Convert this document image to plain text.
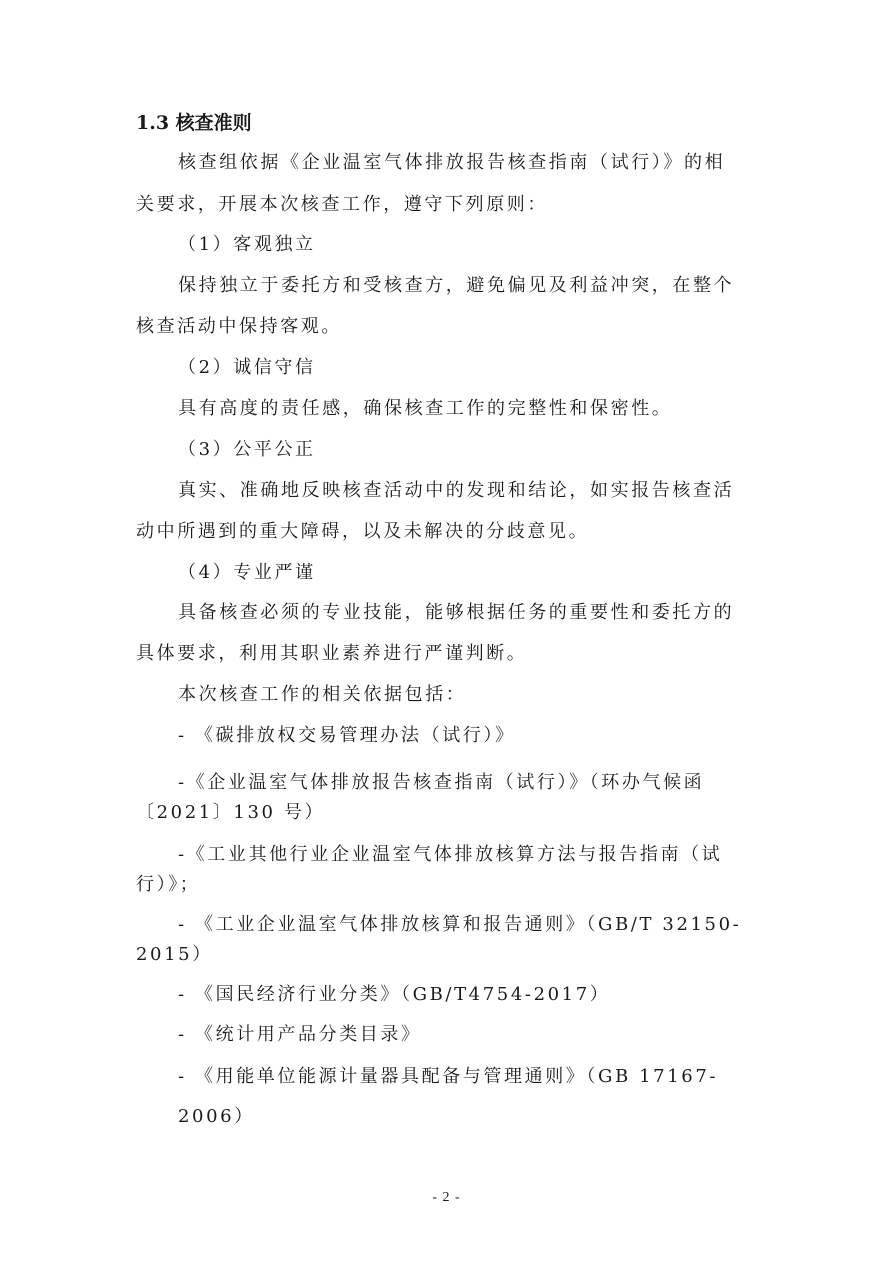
1.3 核查准则

核查组依据《企业温室气体排放报告核查指南（试行）》的相

关要求，开展本次核查工作，遵守下列原则：

（1）客观独立

保持独立于委托方和受核查方，避免偏见及利益冲突，在整个

核查活动中保持客观。

（2）诚信守信

具有高度的责任感，确保核查工作的完整性和保密性。

（3）公平公正

真实、准确地反映核查活动中的发现和结论，如实报告核查活

动中所遇到的重大障碍，以及未解决的分歧意见。

（4）专业严谨

具备核查必须的专业技能，能够根据任务的重要性和委托方的

具体要求，利用其职业素养进行严谨判断。

本次核查工作的相关依据包括：

- 《碳排放权交易管理办法（试行）》

-《企业温室气体排放报告核查指南（试行）》（环办气候函

〔2021〕130 号）

-《工业其他行业企业温室气体排放核算方法与报告指南（试

行）》；

- 《工业企业温室气体排放核算和报告通则》（GB/T 32150-

2015）

- 《国民经济行业分类》（GB/T4754-2017）

- 《统计用产品分类目录》

- 《用能单位能源计量器具配备与管理通则》（GB 17167-

2006）

- 2 -
